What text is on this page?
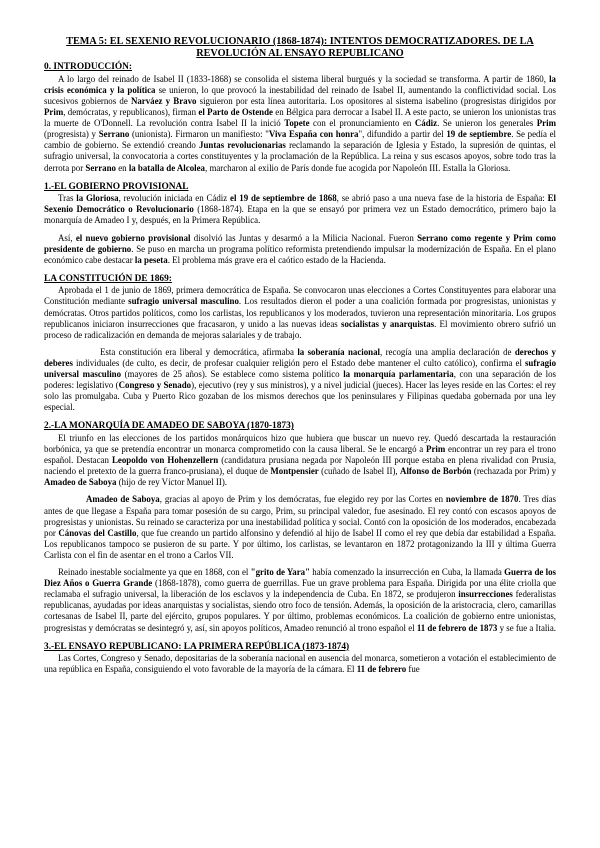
TEMA 5: EL SEXENIO REVOLUCIONARIO (1868-1874): INTENTOS DEMOCRATIZADORES. DE LA
REVOLUCIÓN AL ENSAYO REPUBLICANO
0. INTRODUCCIÓN:

A lo largo del reinado de Isabel II (1833-1868) se consolida el sistema liberal burgués y la sociedad se transforma. A partir de 1860, la crisis económica y la política se unieron, lo que provocó la inestabilidad del reinado de Isabel II, aumentando la conflictividad social. Los sucesivos gobiernos de Narváez y Bravo siguieron por esta línea autoritaria. Los opositores al sistema isabelino (progresistas dirigidos por Prim, demócratas, y republicanos), firman el Parto de Ostende en Bélgica para derrocar a Isabel II. A este pacto, se unieron los unionistas tras la muerte de O'Donnell. La revolución contra Isabel II la inició Topete con el pronunciamiento en Cádiz. Se unieron los generales Prim (progresista) y Serrano (unionista). Firmaron un manifiesto: "Viva España con honra", difundido a partir del 19 de septiembre. Se pedía el cambio de gobierno. Se extendió creando Juntas revolucionarias reclamando la separación de Iglesia y Estado, la supresión de quintas, el sufragio universal, la convocatoria a cortes constituyentes y la proclamación de la República. La reina y sus escasos apoyos, sobre todo tras la derrota por Serrano en la batalla de Alcolea, marcharon al exilio de París donde fue acogida por Napoleón III. Estalla la Gloriosa.

1.-EL GOBIERNO PROVISIONAL

Tras la Gloriosa, revolución iniciada en Cádiz el 19 de septiembre de 1868, se abrió paso a una nueva fase de la historia de España: El Sexenio Democrático o Revolucionario (1868-1874). Etapa en la que se ensayó por primera vez un Estado democrático, primero bajo la monarquía de Amadeo I y, después, en la Primera República.

Así, el nuevo gobierno provisional disolvió las Juntas y desarmó a la Milicia Nacional. Fueron Serrano como regente y Prim como presidente de gobierno. Se puso en marcha un programa político reformista pretendiendo impulsar la modernización de España. En el plano económico cabe destacar la peseta. El problema más grave era el caótico estado de la Hacienda.

LA CONSTITUCIÓN DE 1869:

Aprobada el 1 de junio de 1869, primera democrática de España. Se convocaron unas elecciones a Cortes Constituyentes para elaborar una Constitución mediante sufragio universal masculino. Los resultados dieron el poder a una coalición formada por progresistas, unionistas y demócratas. Otros partidos políticos, como los carlistas, los republicanos y los moderados, tuvieron una representación minoritaria. Los grupos republicanos iniciaron insurrecciones que fracasaron, y unido a las nuevas ideas socialistas y anarquistas. El movimiento obrero sufrió un proceso de radicalización en demanda de mejoras salariales y de trabajo.

Esta constitución era liberal y democrática, afirmaba la soberanía nacional, recogía una amplia declaración de derechos y deberes individuales (de culto, es decir, de profesar cualquier religión pero el Estado debe mantener el culto católico), confirma el sufragio universal masculino (mayores de 25 años). Se establece como sistema político la monarquía parlamentaria, con una separación de los poderes: legislativo (Congreso y Senado), ejecutivo (rey y sus ministros), y a nivel judicial (jueces). Hacer las leyes reside en las Cortes: el rey solo las promulgaba. Cuba y Puerto Rico gozaban de los mismos derechos que los peninsulares y Filipinas quedaba gobernada por una ley especial.

2.-LA MONARQUÍA DE AMADEO DE SABOYA (1870-1873)

El triunfo en las elecciones de los partidos monárquicos hizo que hubiera que buscar un nuevo rey. Quedó descartada la restauración borbónica, ya que se pretendía encontrar un monarca comprometido con la causa liberal. Se le encargó a Prim encontrar un rey para el trono español. Destacan Leopoldo von Hohenzellern (candidatura prusiana negada por Napoleón III porque estaba en plena rivalidad con Prusia, naciendo el pretexto de la guerra franco-prusiana), el duque de Montpensier (cuñado de Isabel II), Alfonso de Borbón (rechazada por Prim) y Amadeo de Saboya (hijo de rey Víctor Manuel II).

Amadeo de Saboya, gracias al apoyo de Prim y los demócratas, fue elegido rey por las Cortes en noviembre de 1870. Tres días antes de que llegase a España para tomar posesión de su cargo, Prim, su principal valedor, fue asesinado. El rey contó con escasos apoyos de progresistas y unionistas. Su reinado se caracteriza por una inestabilidad política y social. Contó con la oposición de los moderados, encabezada por Cánovas del Castillo, que fue creando un partido alfonsino y defendió al hijo de Isabel II como el rey que debía dar estabilidad a España. Los republicanos tampoco se pusieron de su parte. Y por último, los carlistas, se levantaron en 1872 protagonizando la III y última Guerra Carlista con el fin de asentar en el trono a Carlos VII.

Reinado inestable socialmente ya que en 1868, con el "grito de Yara" había comenzado la insurrección en Cuba, la llamada Guerra de los Diez Años o Guerra Grande (1868-1878), como guerra de guerrillas. Fue un grave problema para España. Dirigida por una élite criolla que reclamaba el sufragio universal, la liberación de los esclavos y la independencia de Cuba. En 1872, se produjeron insurrecciones federalistas republicanas, ayudadas por ideas anarquistas y socialistas, siendo otro foco de tensión. Además, la oposición de la aristocracia, clero, camarillas cortesanas de Isabel II, parte del ejército, grupos populares. Y por último, problemas económicos. La coalición de gobierno entre unionistas, progresistas y demócratas se desintegró y, así, sin apoyos políticos, Amadeo renunció al trono español el 11 de febrero de 1873 y se fue a Italia.

3.-EL ENSAYO REPUBLICANO: LA PRIMERA REPÚBLICA (1873-1874)

Las Cortes, Congreso y Senado, depositarias de la soberanía nacional en ausencia del monarca, sometieron a votación el establecimiento de una república en España, consiguiendo el voto favorable de la mayoría de la cámara. El 11 de febrero fue
